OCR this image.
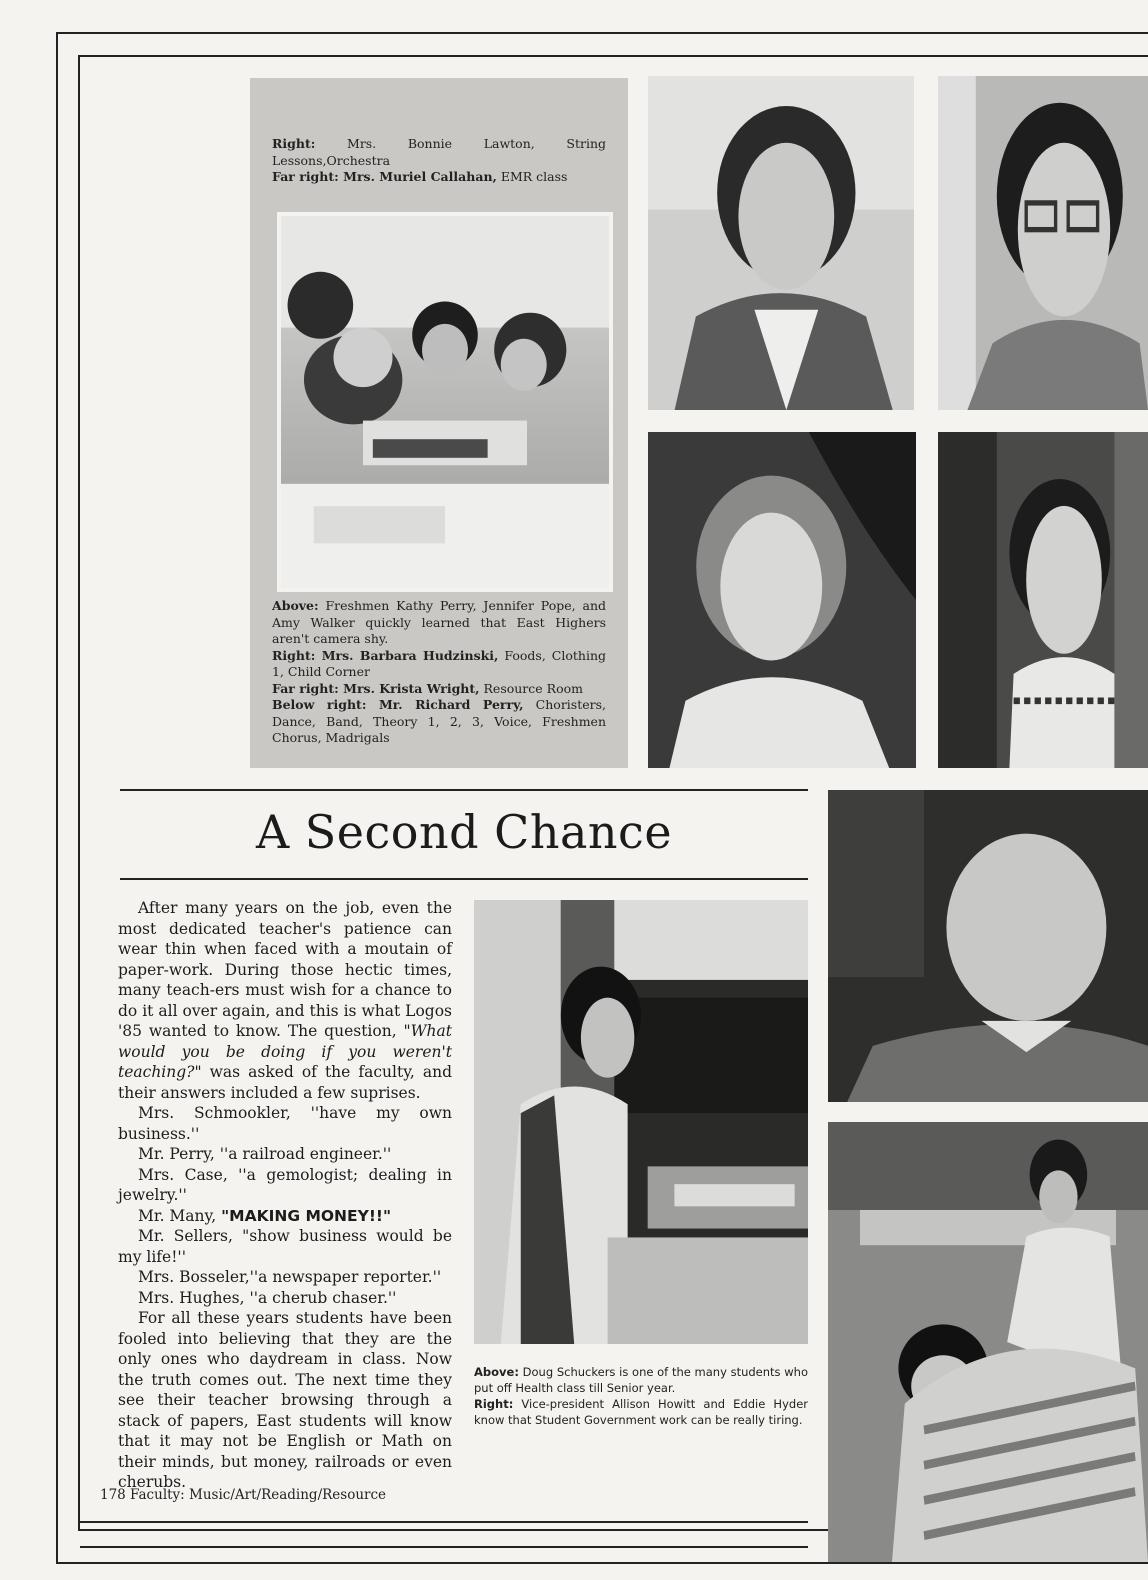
Right: Mrs. Bonnie Lawton, String Lessons,Orchestra
Far right: Mrs. Muriel Callahan, EMR class
Above: Freshmen Kathy Perry, Jennifer Pope, and Amy Walker quickly learned that East Highers aren't camera shy.
Right: Mrs. Barbara Hudzinski, Foods, Clothing 1, Child Corner
Far right: Mrs. Krista Wright, Resource Room
Below right: Mr. Richard Perry, Choristers, Dance, Band, Theory 1, 2, 3, Voice, Freshmen Chorus, Madrigals
A Second Chance

After many years on the job, even the most dedicated teacher's patience can wear thin when faced with a moutain of paper-work. During those hectic times, many teach-ers must wish for a chance to do it all over again, and this is what Logos '85 wanted to know. The question, "What would you be doing if you weren't teaching?" was asked of the faculty, and their answers included a few suprises.

Mrs. Schmookler, ''have my own business.''

Mr. Perry, ''a railroad engineer.''

Mrs. Case, ''a gemologist; dealing in jewelry.''

Mr. Many, "MAKING MONEY!!"

Mr. Sellers, "show business would be my life!''

Mrs. Bosseler,''a newspaper reporter.''

Mrs. Hughes, ''a cherub chaser.''

For all these years students have been fooled into believing that they are the only ones who daydream in class. Now the truth comes out. The next time they see their teacher browsing through a stack of papers, East students will know that it may not be English or Math on their minds, but money, railroads or even cherubs.

Above: Doug Schuckers is one of the many students who put off Health class till Senior year.
Right: Vice-president Allison Howitt and Eddie Hyder know that Student Government work can be really tiring.
178 Faculty: Music/Art/Reading/Resource
